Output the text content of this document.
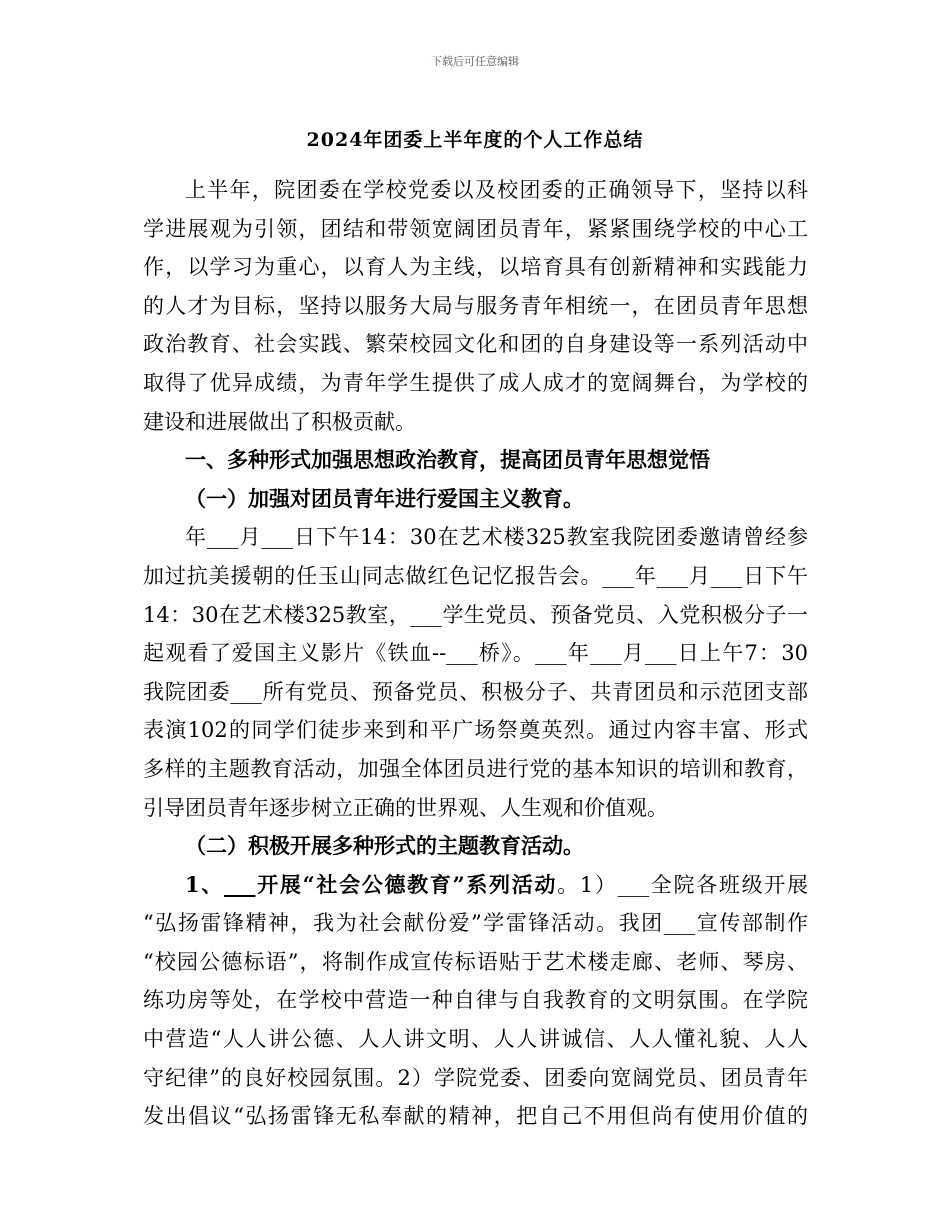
下载后可任意编辑
2024年团委上半年度的个人工作总结
上半年，院团委在学校党委以及校团委的正确领导下，坚持以科
学进展观为引领，团结和带领宽阔团员青年，紧紧围绕学校的中心工
作，以学习为重心，以育人为主线，以培育具有创新精神和实践能力
的人才为目标，坚持以服务大局与服务青年相统一，在团员青年思想
政治教育、社会实践、繁荣校园文化和团的自身建设等一系列活动中
取得了优异成绩，为青年学生提供了成人成才的宽阔舞台，为学校的
建设和进展做出了积极贡献。
一、多种形式加强思想政治教育，提高团员青年思想觉悟
（一）加强对团员青年进行爱国主义教育。
年___月___日下午14：30在艺术楼325教室我院团委邀请曾经参
加过抗美援朝的任玉山同志做红色记忆报告会。___年___月___日下午
14：30在艺术楼325教室，___学生党员、预备党员、入党积极分子一
起观看了爱国主义影片《铁血--___桥》。___年___月___日上午7：30
我院团委___所有党员、预备党员、积极分子、共青团员和示范团支部
表演102的同学们徒步来到和平广场祭奠英烈。通过内容丰富、形式
多样的主题教育活动，加强全体团员进行党的基本知识的培训和教育，
引导团员青年逐步树立正确的世界观、人生观和价值观。
（二）积极开展多种形式的主题教育活动。
1、___开展“社会公德教育”系列活动。1）___全院各班级开展
“弘扬雷锋精神，我为社会献份爱”学雷锋活动。我团___宣传部制作
“校园公德标语”，将制作成宣传标语贴于艺术楼走廊、老师、琴房、
练功房等处，在学校中营造一种自律与自我教育的文明氛围。在学院
中营造“人人讲公德、人人讲文明、人人讲诚信、人人懂礼貌、人人
守纪律”的良好校园氛围。2）学院党委、团委向宽阔党员、团员青年
发出倡议“弘扬雷锋无私奉献的精神，把自己不用但尚有使用价值的
